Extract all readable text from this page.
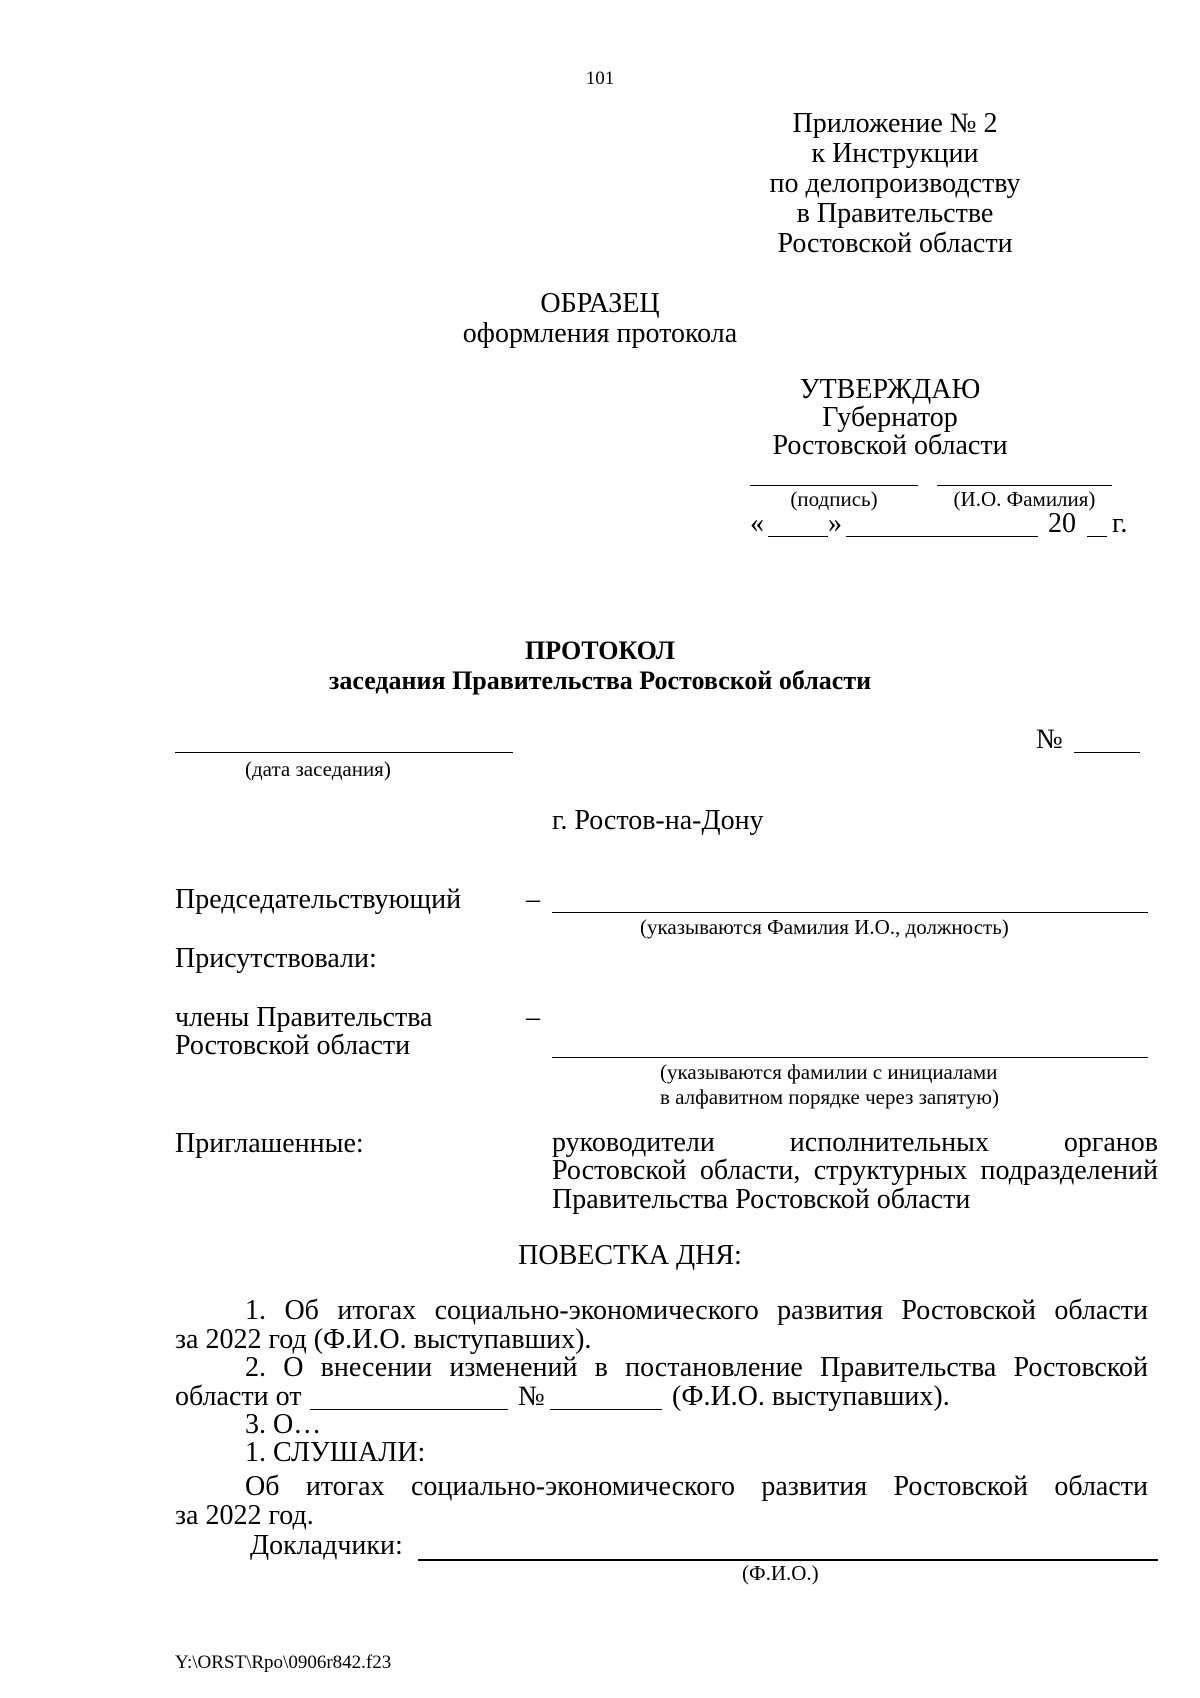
101
Приложение № 2
к Инструкции
по делопроизводству
в Правительстве
Ростовской области
ОБРАЗЕЦ
оформления протокола
УТВЕРЖДАЮ
Губернатор
Ростовской области
(подпись)	(И.О. Фамилия)
« »	20 г.
ПРОТОКОЛ
заседания Правительства Ростовской области
(дата заседания)
№
г. Ростов-на-Дону
Председательствующий –
(указываются Фамилия И.О., должность)
Присутствовали:
члены Правительства
Ростовской области
–
(указываются фамилии с инициалами
в алфавитном порядке через запятую)
Приглашенные:	руководители исполнительных органов
Ростовской области, структурных подразделений
Правительства Ростовской области
ПОВЕСТКА ДНЯ:
1. Об итогах социально-экономического развития Ростовской области
за 2022 год (Ф.И.О. выступавших).
2. О внесении изменений в постановление Правительства Ростовской
области от	№	(Ф.И.О. выступавших).
3. О…
1. СЛУШАЛИ:
Об итогах социально-экономического развития Ростовской области
за 2022 год.
Докладчики:
(Ф.И.О.)
Y:\ORST\Rpo\0906r842.f23
